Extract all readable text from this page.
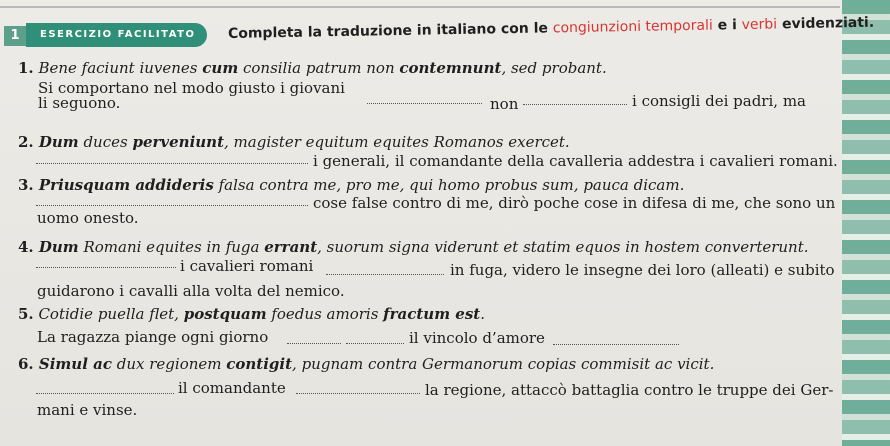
1	ESERCIZIO FACILITATO	Completa la traduzione in italiano con le congiunzioni temporali e i verbi evidenziati.
1. Bene faciunt iuvenes cum consilia patrum non contemnunt, sed probant.
Si comportano nel modo giusto i giovani
li seguono.	non	i consigli dei padri, ma
2. Dum duces perveniunt, magister equitum equites Romanos exercet.
i generali, il comandante della cavalleria addestra i cavalieri romani.
3. Priusquam addideris falsa contra me, pro me, qui homo probus sum, pauca dicam.
cose false contro di me, dirò poche cose in difesa di me, che sono un
uomo onesto.
4. Dum Romani equites in fuga errant, suorum signa viderunt et statim equos in hostem converterunt.
i cavalieri romani	in fuga, videro le insegne dei loro (alleati) e subito
guidarono i cavalli alla volta del nemico.
5. Cotidie puella flet, postquam foedus amoris fractum est.
La ragazza piange ogni giorno	il vincolo d’amore
6. Simul ac dux regionem contigit, pugnam contra Germanorum copias commisit ac vicit.
il comandante	la regione, attaccò battaglia contro le truppe dei Ger-
mani e vinse.
